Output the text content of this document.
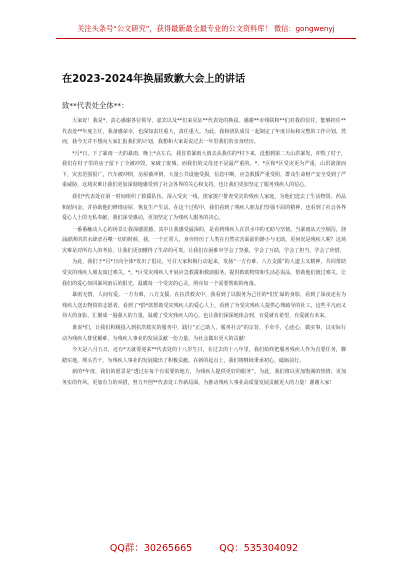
关注头条号“公文研究”，获得最新最全最专业的公文资料库！ 微信：gongwenyj
在2023-2024年换届致歉大会上的讲话
致**代表处全体**：

大家好！我是*，责心感谢各位领导、嘉宾以及**们来见证**代表处的换届。感谢**市残联和**们对我的信任，能够担任**代表处**年度主任，我备感荣幸，也深知责任重大，责任重大。为此，我和团队成员一起制定了年度目标和完整的工作计划。然而，我今天并不想向大家汇报我们的计划，我想和大家说说过去一年里我们的亲身经历。

*月*日，下了暴雨一天的暴雨，晚上*点左右，我冒着暴雨大雨去从我住的*村下来，没想到第二天山洪暴发，冲毁了村子，我们在村子里的房子留下了全被冲毁，家破了废墟。而我们的父母还不是最严重的。*，*区和*区受灾更为严重，山洪滚滚而下，灾害范围很广，汽车被冲倒，房屋被冲倒，大量公共设施受损，信息中断，应急救援严重受阻，群众生命财产安全受到了严重威胁，这场灾难让我们更加深刻地感受到了社会各界的关心和支持，也让我们更加坚定了服务残疾人的信心。

我们*代表处在第一时间组织了救援队伍，深入受灾一线，挨家挨户排查受灾的残疾人家庭，为他们送去了生活物资、药品和慰问金，并协助他们修缮房屋、恢复生产生活。在这个过程中，我们看到了残疾人朋友们坚强不屈的精神，也看到了社会各界爱心人士的无私奉献，我们深受感动，更加坚定了为残疾人服务的决心。

一番番触动人心的场景让我深感震撼。其中让我感受最深的，是看到残疾人在洪水中的无助与坚韧。当暴雨从天空倾泻，汹涌澎湃的洪水肆虐吞噬一切的时候，我，一个正常人，身旁经历了人类在自然灾害面前的渺小与无助。更何况是残疾人呢？这场灾难是对所有人的考验，让我们更加懂得了生命的可贵。让我们在困难中学会了坚强，学会了互助，学会了担当，学会了珍惜。

为此，我们于*月*日向全体*发出了倡议，号召大家积极行动起来，发扬“一方有难、八方支援”的人道主义精神，共同帮助受灾的残疾人朋友度过难关。*，*区受灾残疾人开展应急救援和救助服务，提供救助物资和生活必需品，帮助他们渡过难关。让我们的爱心如同暴风雨后的阳光，温暖每一个受灾的心灵，照亮每一个需要帮助的角落。

暴雨无情，人间有爱。一方有难，八方支援。在抗洪救灾中，我看到了以服务为己任的*们忙碌的身影，看到了深夜还在为残疾人送去物资的志愿者，看到了*捐*款帮助受灾残疾人的爱心人士，看到了为受灾残疾人提供心理疏导的社工。这些平凡而又伟大的身影，汇聚成一股强大的力量，温暖了受灾残疾人的心，也让我们深深地体会到，有爱就有希望，有爱就有未来。

谁说*们，让我们积极投入到抗洪救灾的服务中，践行“正己助人，服务社会”的宗旨，手牵手，心连心，做实事，以实际行动为残疾人排忧解难，为残疾人事业的发展贡献一份力量，为社会做出更大的贡献！

今天是八月五日，还有*天就要迎来**代表处的十八岁生日，在过去的十八年里，我们始终把服务残疾人作为首要任务，脚踏实地，埋头苦干，为残疾人事业的发展做出了积极贡献。在新的起点上，我们将继续秉承初心，砥砺前行。

新的*年度，我们的愿景是“透过在每个有需要的地方，为残疾人提供更好的服务”。为此，我们将以更加饱满的热情、更加务实的作风、更加有力的举措，努力开创**代表处工作新局面，为推动残疾人事业高质量发展贡献更大的力量！谢谢大家！

QQ群：30265665	QQ：535304092
